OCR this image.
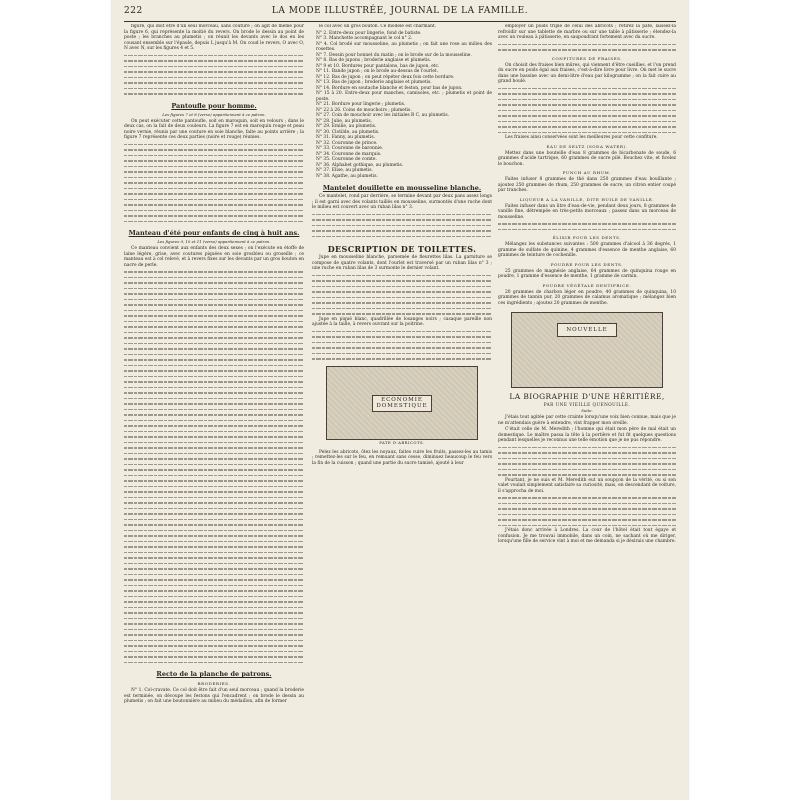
222	LA MODE ILLUSTRÉE, JOURNAL DE LA FAMILLE.

figure, qui doit être d'un seul morceau, sans couture ; on agit de même pour la figure 6, qui représente la moitié du revers. On brode le dessin au point de poste ; les branches au plumetis ; on réunit les devants avec le dos en les cousant ensemble sur l'épaule, depuis L jusqu'à M. On coud le revers, O avec O, N avec N, sur les figures 4 et 5.

Pantoufle pour homme.
Les figures 7 et 8 (verso) appartiennent à ce patron.

On peut exécuter cette pantoufle, soit en maroquin, soit en velours ; dans le deux cas, on la fait de deux couleurs. La figure 7 est en maroquin rouge et peau noire vernie, réunis par une couture en soie blanche, faite au points arrière ; la figure 7 représente ces deux parties (noire et rouge) réunies.

Manteau d'été pour enfants de cinq à huit ans.
Les figures 9, 10 et 11 (verso) appartiennent à ce patron.

Ce manteau convient aux enfants des deux sexes ; on l'exécute en étoffe de laine légère, grise, avec coutures piquées en soie grosbleu ou groseille ; ce manteau est à col relevé, et à revers fixes sur les devants par un gros bouton en nacre de perle.

Recto de la planche de patrons.
BRODERIES.

N° 1. Col-cravate. Ce col doit être fait d'un seul morceau ; quand la broderie est terminée, on découpe les festons qui l'encadrent ; on brode le dessin au plumetis ; on fait une boutonnière au milieu du médaillon, afin de former

le col avec un gros bouton. Ce modèle est charmant.

N° 2. Entre-deux pour lingerie, fond de batiste.

N° 3. Manchette accompagnant le col n° 2.

N° 4. Col brodé sur mousseline, au plumetis ; on fait une rose au milieu des rosettes.

N° 7. Dessin pour bonnet du matin ; on le brode sur de la mousseline.

N° 8. Bas de jupons ; broderie anglaise et plumetis.

N° 9 et 10. Bordures pour pantalons, bas de jupon, etc.

N° 11. Bande jupon ; on le brode au-dessus de l'ourlet.

N° 12. Bas de jupon ; on peut répéter deux fois cette bordure.

N° 13. Bas de jupon ; broderie anglaise et plumetis.

N° 14. Bordure en soutache blanche et feston, pour bas de jupon.

N° 15 à 20. Entre-deux pour manches, camisoles, etc. ; plumetis et point de poste.

N° 21. Bordure pour lingerie ; plumetis.

N° 22 à 26. Coins de mouchoirs ; plumetis.

N° 27. Coin de mouchoir avec les initiales B C, au plumetis.

N° 28. Julie, au plumetis.

N° 29. Emilie, au plumetis.

N° 30. Clotilde, au plumetis.

N° 31. Fanny, au plumetis.

N° 32. Couronne de prince.

N° 33. Couronne de baronnie.

N° 34. Couronne de marquis.

N° 35. Couronne de comte.

N° 36. Alphabet gothique, au plumetis.

N° 37. Elise, au plumetis.

N° 38. Agathe, au plumetis.

Mantelet douillette en mousseline blanche.

Ce mantelet, rond par derrière, se termine devant par deux pans assez longs ; il est garni avec des volants taillés en mousseline, surmontés d'une ruche dont le milieu est couvert avec un ruban lilas n° 3.

DESCRIPTION DE TOILETTES.

Jupe en mousseline blanche, parsemée de fleurettes lilas. La garniture se compose de quatre volants, dont l'ourlet est traversé par un ruban lilas n° 3 ; une ruche en ruban lilas de 3 surmonte le dernier volant.

Jupe en piqué blanc, quadrillée de losanges noirs ; casaque pareille non ajustée à la taille, à revers ouvrant sur la poitrine.

ECONOMIE
DOMESTIQUE
PATE D'ABRICOTS.

Pelez les abricots, ôtez les noyaux, faites cuire les fruits, passez-les au tamis ; remettez-les sur le feu, en remuant sans cesse, diminuez beaucoup le feu vers la fin de la cuisson ; quand une partie du sucre tamisé, ajouté à leur

employer un poids triple de celui des abricots ; retirez la pâte, laissez-la refroidir sur une tablette de marbre ou sur une table à pâtisserie ; étendez-la avec un rouleau à pâtisserie, en saupoudrant fortement avec du sucre.

CONFITURES DE FRAISES.

On choisit des fraises bien mûres, qui viennent d'être cueillies, et l'on prend du sucre en poids égal aux fraises, c'est-à-dire livre pour livre. On met le sucre dans une bassine avec un demi-litre d'eau par kilogramme ; on la fait cuire au grand boulé.

Les fraises ainsi conservées sont les meilleures pour cette confiture.

EAU DE SELTZ (SODA WATER).

Mettez dans une bouteille d'eau 8 grammes de bicarbonate de soude, 6 grammes d'acide tartrique, 60 grammes de sucre pilé. Bouchez vite, et ficelez le bouchon.

PUNCH AU RHUM.

Faites infuser 8 grammes de thé dans 250 grammes d'eau bouillante ; ajoutez 250 grammes de rhum, 250 grammes de sucre, un citron entier coupé par tranches.

LIQUEUR A LA VANILLE, DITE HUILE DE VANILLE.

Faites infuser dans un litre d'eau-de-vie, pendant deux jours, 8 grammes de vanille fine, détrempée en très-petits morceaux ; passez dans un morceau de mousseline.

ÉLIXIR POUR LES DENTS.

Mélangez les substances suivantes : 500 grammes d'alcool à 36 degrés, 1 gramme de sulfate de quinine, 4 grammes d'essence de menthe anglaise, 60 grammes de teinture de cochenille.

POUDRE POUR LES DENTS.

25 grammes de magnésie anglaise, 64 grammes de quinquina rouge en poudre, 1 gramme d'essence de menthe, 1 gramme de carmin.

POUDRE VÉGÉTALE DENTIFRICE.

20 grammes de charbon léger en poudre, 40 grammes de quinquina, 10 grammes de tannin pur, 20 grammes de calamus aromatique ; mélangez bien ces ingrédients ; ajoutez 20 grammes de menthe.

NOUVELLE
LA BIOGRAPHIE D'UNE HÉRITIÈRE,
PAR UNE VIEILLE QUENOUILLE.
Suite.

J'étais tout agitée par cette crainte lorsqu'une voix bien connue, mais que je ne m'attendais guère à entendre, vint frapper mon oreille.

C'était celle de M. Meredith ; l'homme qui était mon père de mal était un domestique. Le maître passa la tête à la portière et fut fit quelques questions pendant lesquelles je reconnus une telle émotion que je ne pus répondre.

Pourtant, je ne suis et M. Meredith eut un soupçon de la vérité, ou si son valet voulait simplement satisfaire sa curiosité, mais, en descendant de voiture, il s'approcha de moi.

J'étais donc arrivée à Londres. La cour de l'hôtel était tout égaye et confusion. Je me trouvai immobile, dans un coin, ne sachant où me diriger, lorsqu'une fille de service vint à moi et me demanda si je désirais une chambre.
